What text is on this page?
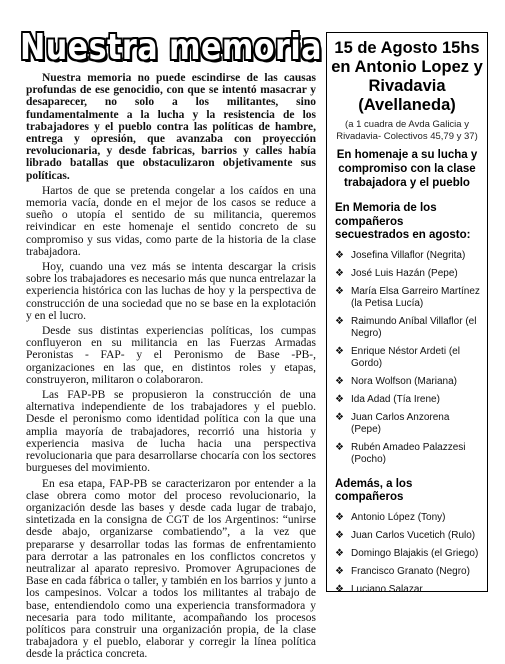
Nuestra memoria

Nuestra memoria no puede escindirse de las causas profundas de ese genocidio, con que se intentó masacrar y desaparecer, no solo a los militantes, sino fundamentalmente a la lucha y la resistencia de los trabajadores y el pueblo contra las políticas de hambre, entrega y opresión, que avanzaba con proyección revolucionaria, y desde fabricas, barrios y calles había librado batallas que obstaculizaron objetivamente sus políticas.

Hartos de que se pretenda congelar a los caídos en una memoria vacía, donde en el mejor de los casos se reduce a sueño o utopía el sentido de su militancia, queremos reivindicar en este homenaje el sentido concreto de su compromiso y sus vidas, como parte de la historia de la clase trabajadora.

Hoy, cuando una vez más se intenta descargar la crisis sobre los trabajadores es necesario más que nunca entrelazar la experiencia histórica con las luchas de hoy y la perspectiva de construcción de una sociedad que no se base en la explotación y en el lucro.

Desde sus distintas experiencias políticas, los cumpas confluyeron en su militancia en las Fuerzas Armadas Peronistas - FAP- y el Peronismo de Base -PB-, organizaciones en las que, en distintos roles y etapas, construyeron, militaron o colaboraron.

Las FAP-PB se propusieron la construcción de una alternativa independiente de los trabajadores y el pueblo. Desde el peronismo como identidad política con la que una amplia mayoría de trabajadores, recorrió una historia y experiencia masiva de lucha hacia una perspectiva revolucionaria que para desarrollarse chocaría con los sectores burgueses del movimiento.

En esa etapa, FAP-PB se caracterizaron por entender a la clase obrera como motor del proceso revolucionario, la organización desde las bases y desde cada lugar de trabajo, sintetizada en la consigna de CGT de los Argentinos: “unirse desde abajo, organizarse combatiendo”, a la vez que prepararse y desarrollar todas las formas de enfrentamiento para derrotar a las patronales en los conflictos concretos y neutralizar al aparato represivo. Promover Agrupaciones de Base en cada fábrica o taller, y también en los barrios y junto a los campesinos. Volcar a todos los militantes al trabajo de base, entendiendolo como una experiencia transformadora y necesaria para todo militante, acompañando los procesos políticos para construir una organización propia, de la clase trabajadora y el pueblo, elaborar y corregir la línea política desde la práctica concreta.

15 de Agosto 15hs en Antonio Lopez y Rivadavia (Avellaneda)
(a 1 cuadra de Avda Galicia y Rivadavia- Colectivos 45,79 y 37)
En homenaje a su lucha y compromiso con la clase trabajadora y el pueblo
En Memoria de los compañeros secuestrados en agosto:
❖ Josefina Villaflor (Negrita)
❖ José Luis Hazán (Pepe)
❖ María Elsa Garreiro Martínez (la Petisa Lucía)
❖ Raimundo Aníbal Villaflor (el Negro)
❖ Enrique Néstor Ardeti (el Gordo)
❖ Nora Wolfson (Mariana)
❖ Ida Adad (Tía Irene)
❖ Juan Carlos Anzorena (Pepe)
❖ Rubén Amadeo Palazzesi (Pocho)
Además, a los compañeros
❖ Antonio López (Tony)
❖ Juan Carlos Vucetich (Rulo)
❖ Domingo Blajakis (el Griego)
❖ Francisco Granato (Negro)
❖ Luciano Salazar
